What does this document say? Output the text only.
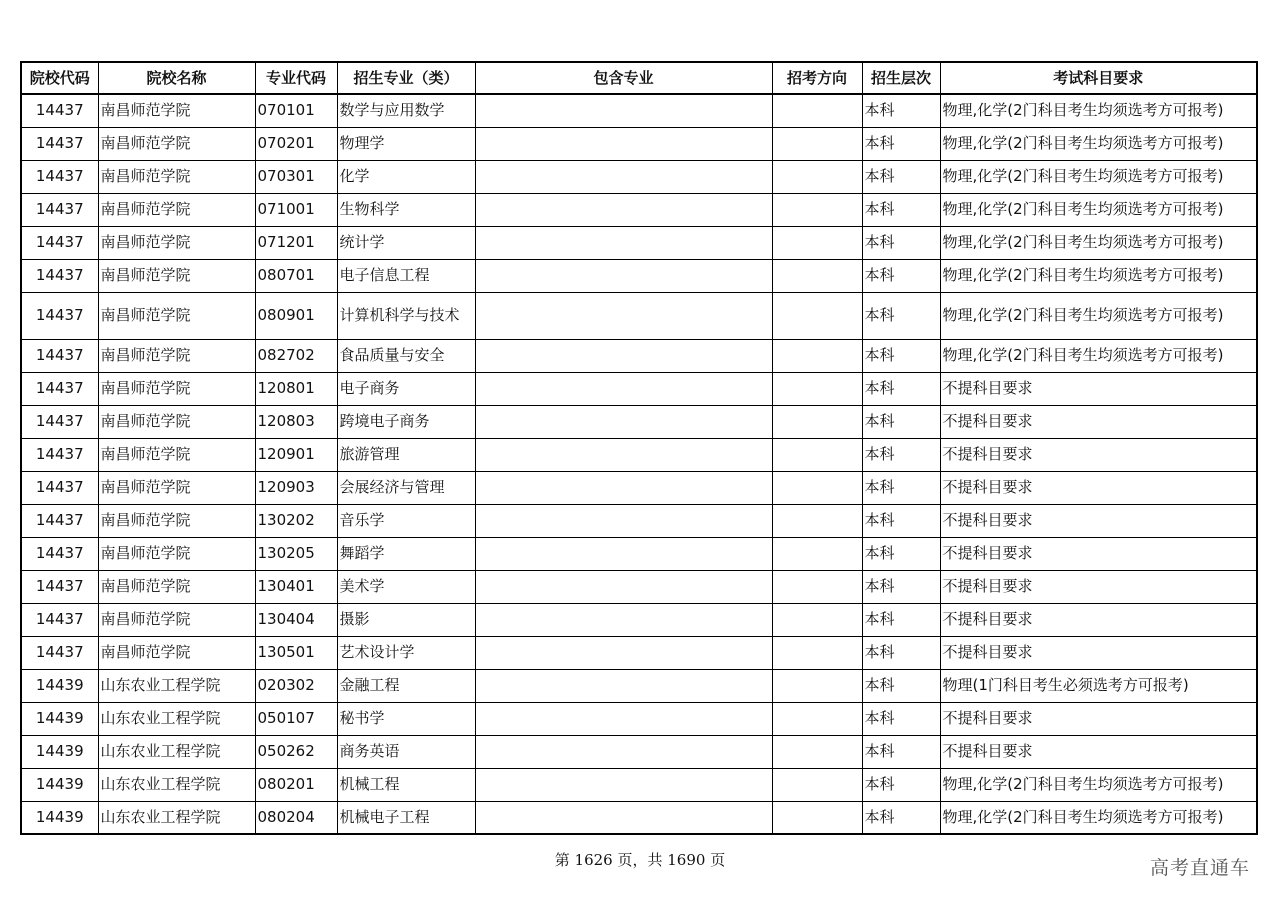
院校代码	院校名称	专业代码	招生专业（类）	包含专业	招考方向	招生层次	考试科目要求
14437	南昌师范学院	070101	数学与应用数学			本科	物理,化学(2门科目考生均须选考方可报考)
14437	南昌师范学院	070201	物理学			本科	物理,化学(2门科目考生均须选考方可报考)
14437	南昌师范学院	070301	化学			本科	物理,化学(2门科目考生均须选考方可报考)
14437	南昌师范学院	071001	生物科学			本科	物理,化学(2门科目考生均须选考方可报考)
14437	南昌师范学院	071201	统计学			本科	物理,化学(2门科目考生均须选考方可报考)
14437	南昌师范学院	080701	电子信息工程			本科	物理,化学(2门科目考生均须选考方可报考)
14437	南昌师范学院	080901	计算机科学与技术			本科	物理,化学(2门科目考生均须选考方可报考)
14437	南昌师范学院	082702	食品质量与安全			本科	物理,化学(2门科目考生均须选考方可报考)
14437	南昌师范学院	120801	电子商务			本科	不提科目要求
14437	南昌师范学院	120803	跨境电子商务			本科	不提科目要求
14437	南昌师范学院	120901	旅游管理			本科	不提科目要求
14437	南昌师范学院	120903	会展经济与管理			本科	不提科目要求
14437	南昌师范学院	130202	音乐学			本科	不提科目要求
14437	南昌师范学院	130205	舞蹈学			本科	不提科目要求
14437	南昌师范学院	130401	美术学			本科	不提科目要求
14437	南昌师范学院	130404	摄影			本科	不提科目要求
14437	南昌师范学院	130501	艺术设计学			本科	不提科目要求
14439	山东农业工程学院	020302	金融工程			本科	物理(1门科目考生必须选考方可报考)
14439	山东农业工程学院	050107	秘书学			本科	不提科目要求
14439	山东农业工程学院	050262	商务英语			本科	不提科目要求
14439	山东农业工程学院	080201	机械工程			本科	物理,化学(2门科目考生均须选考方可报考)
14439	山东农业工程学院	080204	机械电子工程			本科	物理,化学(2门科目考生均须选考方可报考)
第 1626 页，共 1690 页	高考直通车
